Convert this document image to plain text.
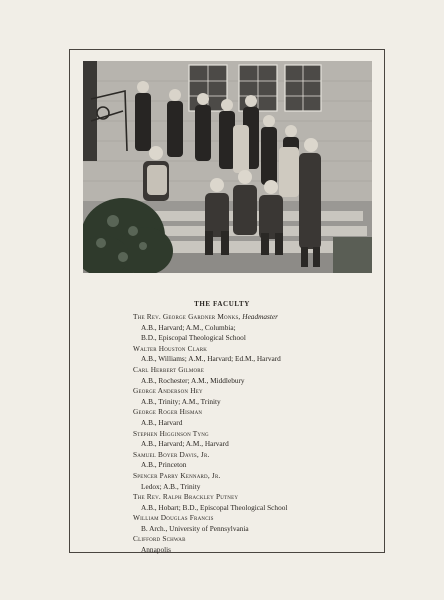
THE FACULTY
The Rev. George Gardner Monks, Headmaster
A.B., Harvard; A.M., Columbia;
B.D., Episcopal Theological School
Walter Houston Clark
A.B., Williams; A.M., Harvard; Ed.M., Harvard
Carl Herbert Gilmore
A.B., Rochester; A.M., Middlebury
George Anderson Hey
A.B., Trinity; A.M., Trinity
George Roger Hisman
A.B., Harvard
Stephen Higginson Tyng
A.B., Harvard; A.M., Harvard
Samuel Boyer Davis, Jr.
A.B., Princeton
Spencer Parry Kennard, Jr.
Ledox; A.B., Trinity
The Rev. Ralph Brackley Putney
A.B., Hobart; B.D., Episcopal Theological School
William Douglas Francis
B. Arch., University of Pennsylvania
Clifford Schwab
Annapolis
